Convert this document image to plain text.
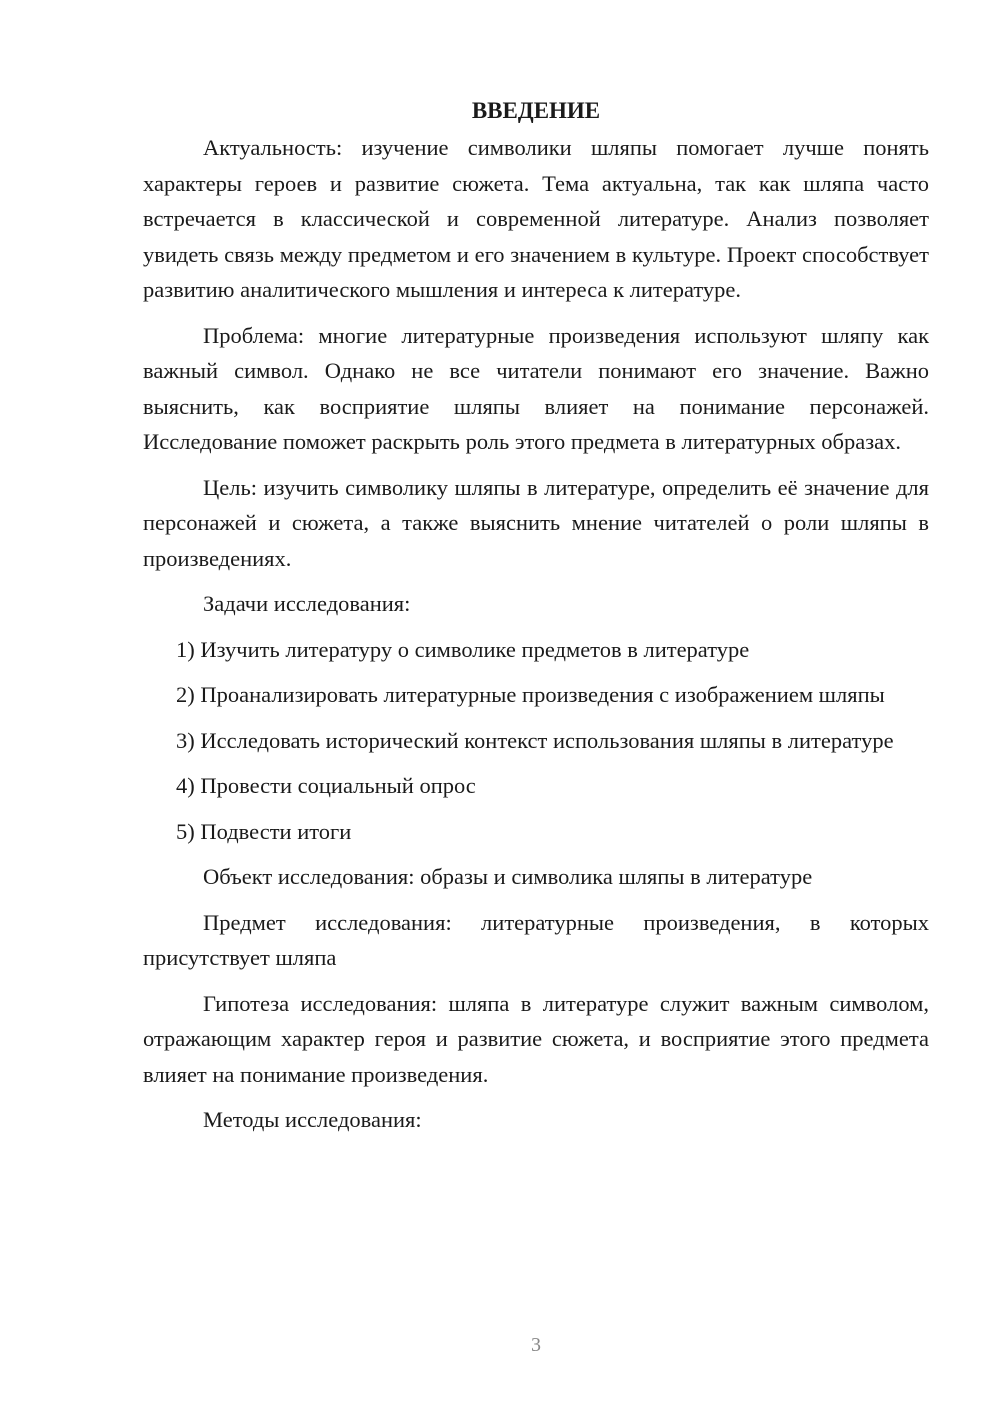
ВВЕДЕНИЕ

Актуальность: изучение символики шляпы помогает лучше понять характеры героев и развитие сюжета. Тема актуальна, так как шляпа часто встречается в классической и современной литературе. Анализ позволяет увидеть связь между предметом и его значением в культуре. Проект способствует развитию аналитического мышления и интереса к литературе.

Проблема: многие литературные произведения используют шляпу как важный символ. Однако не все читатели понимают его значение. Важно выяснить, как восприятие шляпы влияет на понимание персонажей. Исследование поможет раскрыть роль этого предмета в литературных образах.

Цель: изучить символику шляпы в литературе, определить её значение для персонажей и сюжета, а также выяснить мнение читателей о роли шляпы в произведениях.

Задачи исследования:

1) Изучить литературу о символике предметов в литературе

2) Проанализировать литературные произведения с изображением шляпы

3) Исследовать исторический контекст использования шляпы в литературе

4) Провести социальный опрос

5) Подвести итоги

Объект исследования: образы и символика шляпы в литературе

Предмет исследования: литературные произведения, в которых присутствует шляпа

Гипотеза исследования: шляпа в литературе служит важным символом, отражающим характер героя и развитие сюжета, и восприятие этого предмета влияет на понимание произведения.

Методы исследования:

3
